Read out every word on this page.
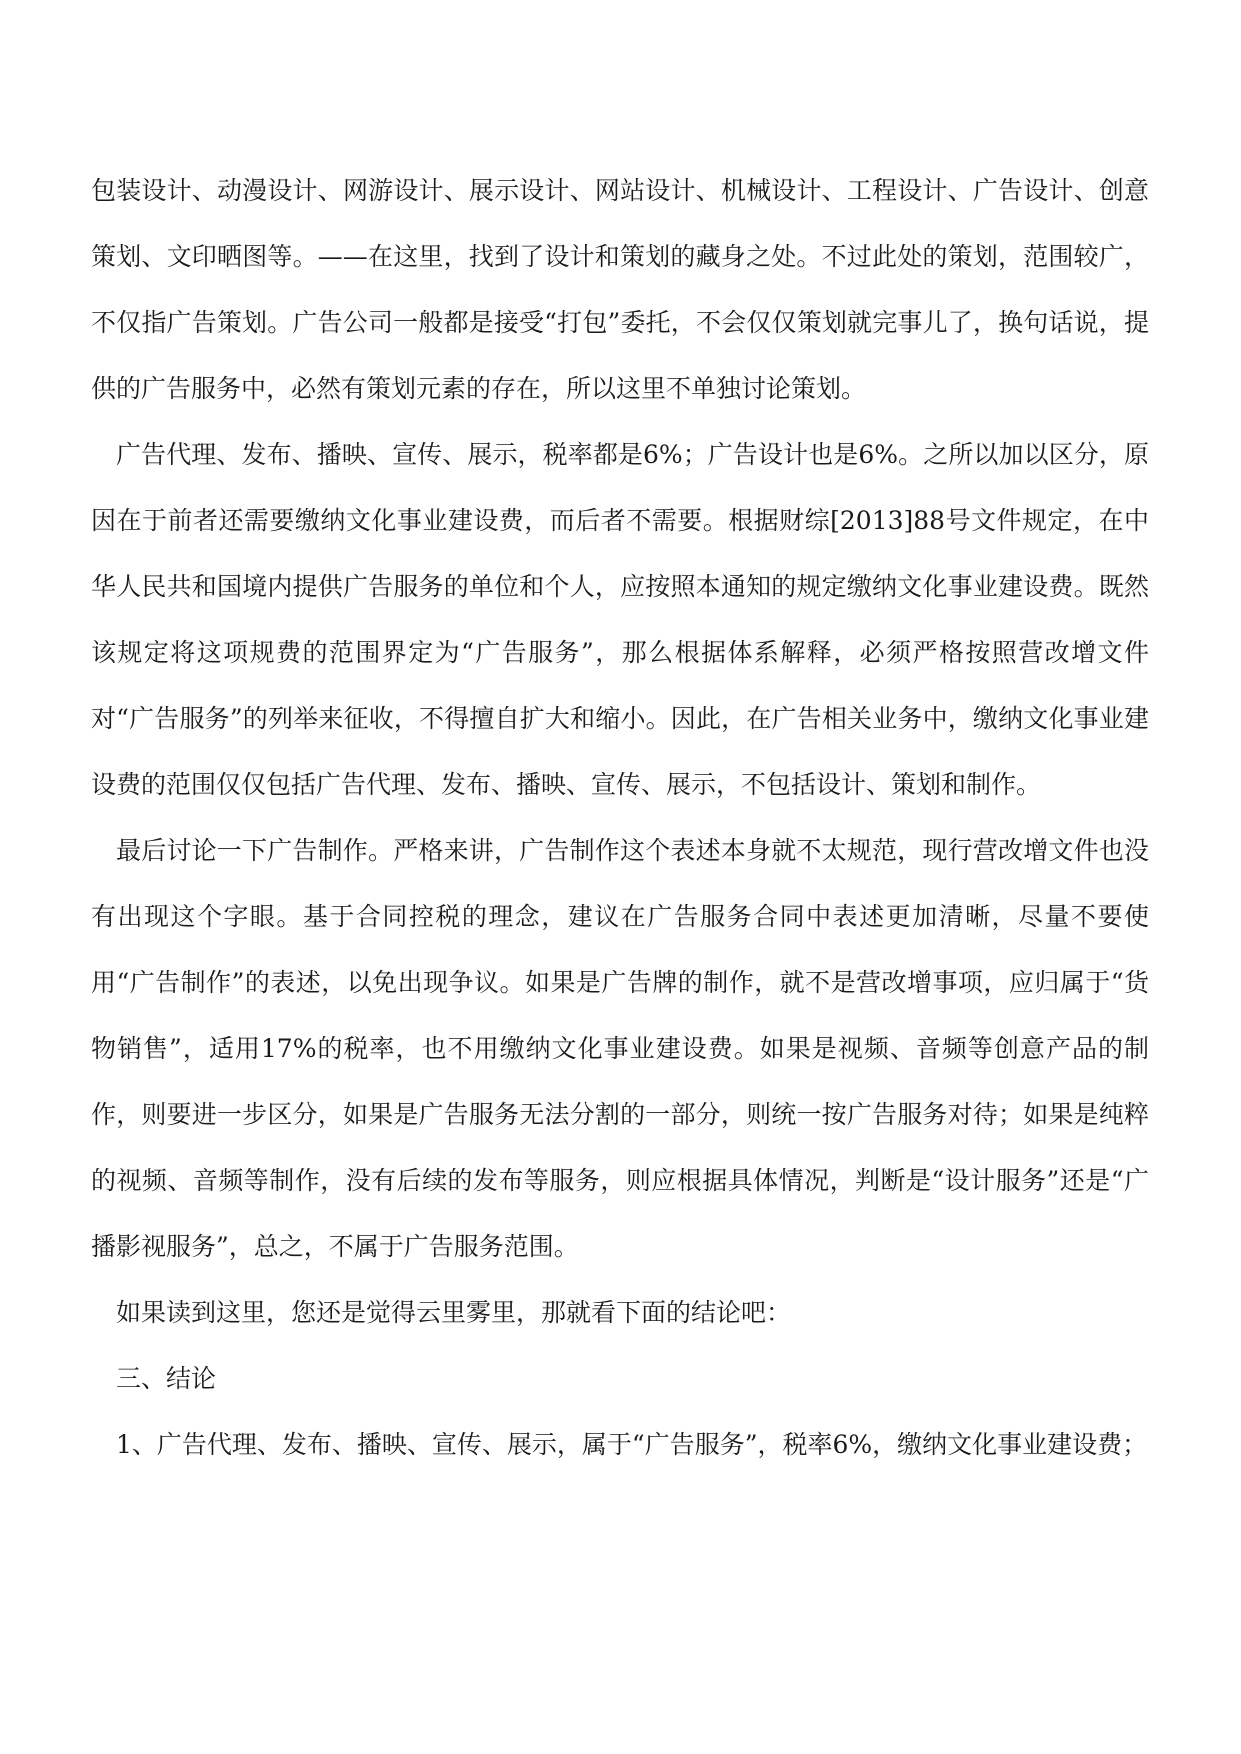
包装设计、动漫设计、网游设计、展示设计、网站设计、机械设计、工程设计、广告设计、创意策划、文印晒图等。——在这里，找到了设计和策划的藏身之处。不过此处的策划，范围较广，不仅指广告策划。广告公司一般都是接受“打包”委托，不会仅仅策划就完事儿了，换句话说，提供的广告服务中，必然有策划元素的存在，所以这里不单独讨论策划。

广告代理、发布、播映、宣传、展示，税率都是6%；广告设计也是6%。之所以加以区分，原因在于前者还需要缴纳文化事业建设费，而后者不需要。根据财综[2013]88号文件规定，在中华人民共和国境内提供广告服务的单位和个人，应按照本通知的规定缴纳文化事业建设费。既然该规定将这项规费的范围界定为“广告服务”，那么根据体系解释，必须严格按照营改增文件对“广告服务”的列举来征收，不得擅自扩大和缩小。因此，在广告相关业务中，缴纳文化事业建设费的范围仅仅包括广告代理、发布、播映、宣传、展示，不包括设计、策划和制作。

最后讨论一下广告制作。严格来讲，广告制作这个表述本身就不太规范，现行营改增文件也没有出现这个字眼。基于合同控税的理念，建议在广告服务合同中表述更加清晰，尽量不要使用“广告制作”的表述，以免出现争议。如果是广告牌的制作，就不是营改增事项，应归属于“货物销售”，适用17%的税率，也不用缴纳文化事业建设费。如果是视频、音频等创意产品的制作，则要进一步区分，如果是广告服务无法分割的一部分，则统一按广告服务对待；如果是纯粹的视频、音频等制作，没有后续的发布等服务，则应根据具体情况，判断是“设计服务”还是“广播影视服务”，总之，不属于广告服务范围。

如果读到这里，您还是觉得云里雾里，那就看下面的结论吧：

三、结论

1、广告代理、发布、播映、宣传、展示，属于“广告服务”，税率6%，缴纳文化事业建设费；
